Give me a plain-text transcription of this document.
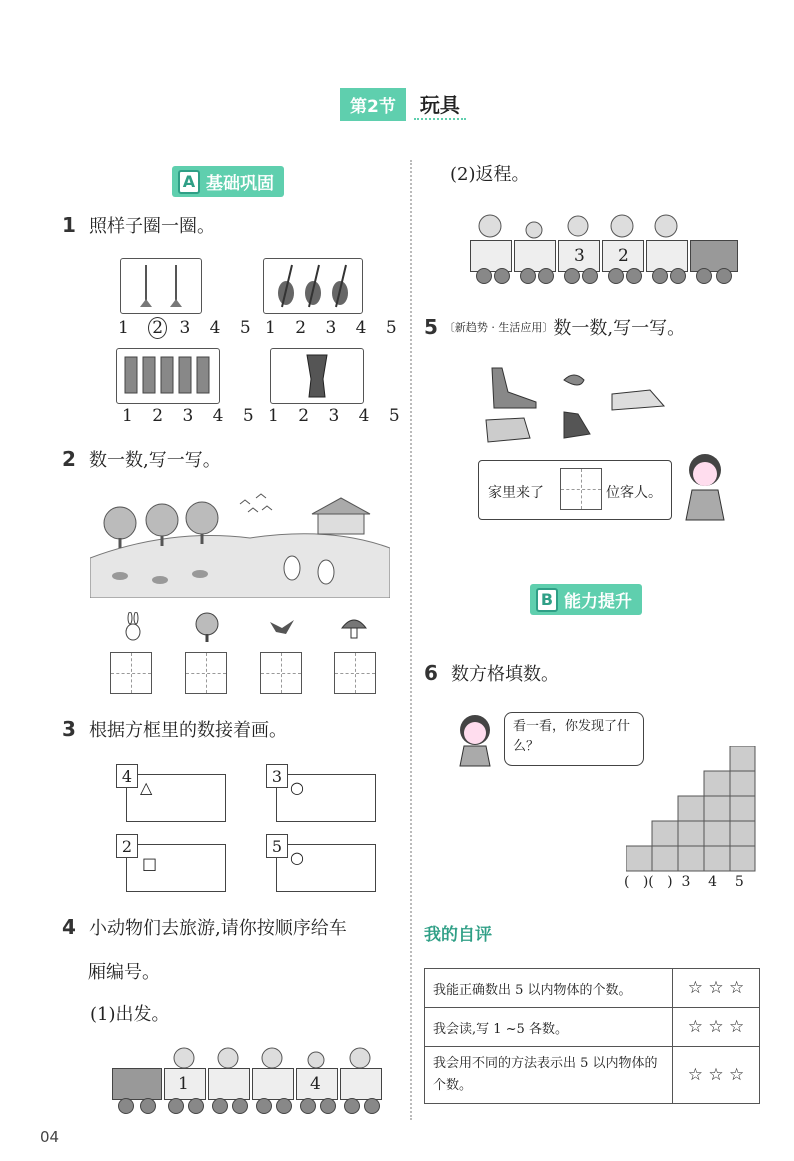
第2节	玩具
A 基础巩固
1 照样子圈一圈。
1 2 3 4 5 1 2 3 4 5
1 2 3 4 5 1 2 3 4 5
2 数一数,写一写。
3 根据方框里的数接着画。
4
△
3
○
2
□
5
○
4 小动物们去旅游,请你按顺序给车
厢编号。
(1)出发。
1	4
(2)返程。
3 2
5 〔新趋势 · 生活应用〕 数一数,写一写。
家里来了	位客人。
B 能力提升
6 数方格填数。
看一看，你发现了什么？
(   )(   )  3    4    5
我的自评
我能正确数出 5 以内物体的个数。	☆ ☆ ☆
我会读,写 1 ~5 各数。	☆ ☆ ☆
我会用不同的方法表示出 5 以内物体的个数。	☆ ☆ ☆
04
